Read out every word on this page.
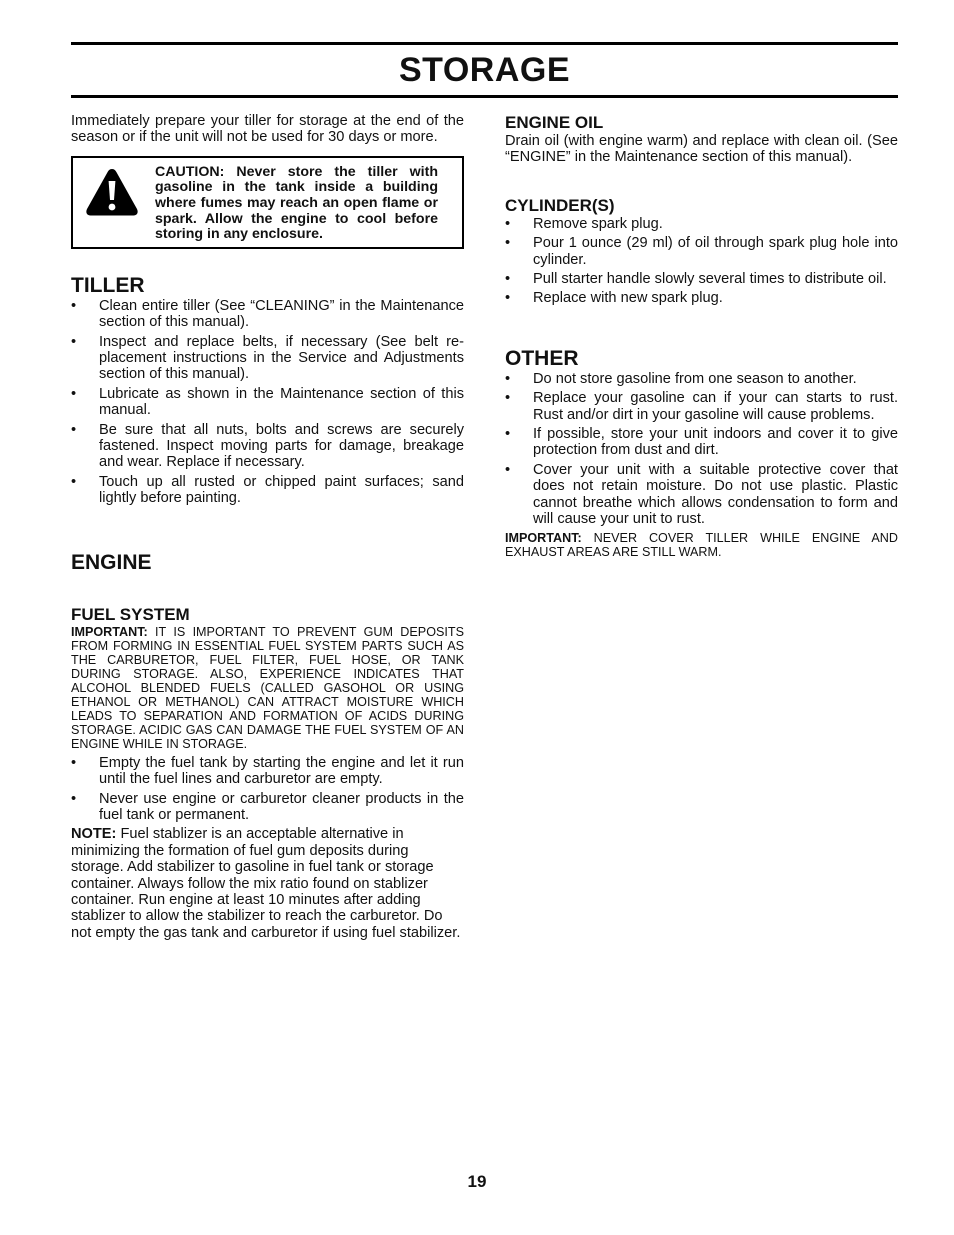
STORAGE

Immediately prepare your tiller for storage at the end of the season or if the unit will not be used for 30 days or more.

CAUTION: Never store the tiller with gasoline in the tank inside a building where fumes may reach an open flame or spark. Allow the engine to cool before storing in any enclosure.
TILLER
• Clean entire tiller (See “CLEANING” in the Maintenance section of this manual).
• Inspect and replace belts, if necessary (See belt re-placement instructions in the Service and Adjustments section of this manual).
• Lubricate as shown in the Maintenance section of this manual.
• Be sure that all nuts, bolts and screws are securely fastened. Inspect moving parts for damage, breakage and wear. Replace if necessary.
• Touch up all rusted or chipped paint surfaces; sand lightly before painting.
ENGINE
FUEL SYSTEM

IMPORTANT: IT IS IMPORTANT TO PREVENT GUM DEPOSITS FROM FORMING IN ESSENTIAL FUEL SYSTEM PARTS SUCH AS THE CARBURETOR, FUEL FILTER, FUEL HOSE, OR TANK DURING STORAGE. ALSO, EXPERIENCE INDICATES THAT ALCOHOL BLENDED FUELS (CALLED GASOHOL OR USING ETHANOL OR METHANOL) CAN ATTRACT MOISTURE WHICH LEADS TO SEPARATION AND FORMATION OF ACIDS DURING STORAGE. ACIDIC GAS CAN DAMAGE THE FUEL SYSTEM OF AN ENGINE WHILE IN STORAGE.

• Empty the fuel tank by starting the engine and let it run until the fuel lines and carburetor are empty.
• Never use engine or carburetor cleaner products in the fuel tank or permanent.

NOTE: Fuel stablizer is an acceptable alternative in minimizing the formation of fuel gum deposits during storage. Add stabilizer to gasoline in fuel tank or storage container. Always follow the mix ratio found on stablizer container. Run engine at least 10 minutes after adding stablizer to allow the stabilizer to reach the carburetor. Do not empty the gas tank and carburetor if using fuel stabilizer.

ENGINE OIL

Drain oil (with engine warm) and replace with clean oil. (See “ENGINE” in the Maintenance section of this manual).

CYLINDER(S)
• Remove spark plug.
• Pour 1 ounce (29 ml) of oil through spark plug hole into cylinder.
• Pull starter handle slowly several times to distribute oil.
• Replace with new spark plug.
OTHER
• Do not store gasoline from one season to another.
• Replace your gasoline can if your can starts to rust. Rust and/or dirt in your gasoline will cause problems.
• If possible, store your unit indoors and cover it to give protection from dust and dirt.
• Cover your unit with a suitable protective cover that does not retain moisture. Do not use plastic. Plastic cannot breathe which allows condensation to form and will cause your unit to rust.

IMPORTANT: NEVER COVER TILLER WHILE ENGINE AND EXHAUST AREAS ARE STILL WARM.

19
